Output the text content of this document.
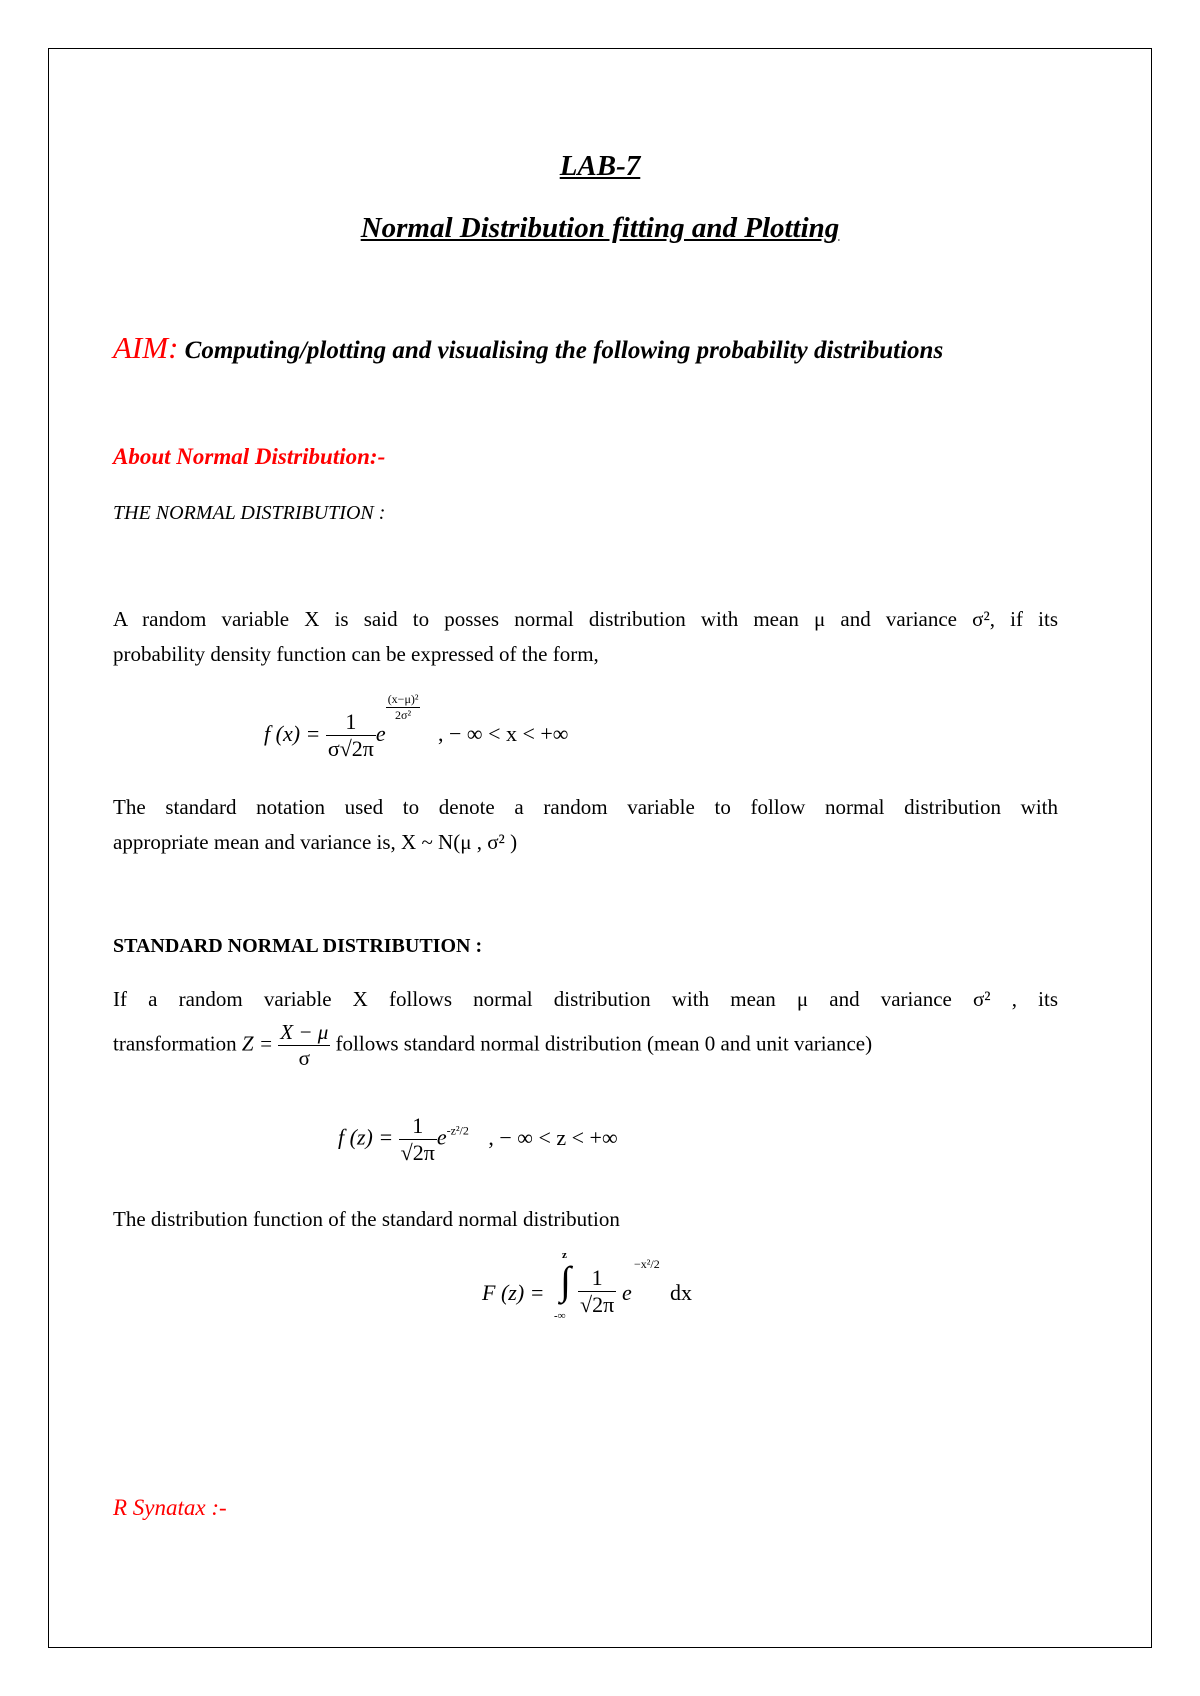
LAB-7
Normal Distribution fitting and Plotting
AIM: Computing/plotting and visualising the following probability distributions
About Normal Distribution:-
THE NORMAL DISTRIBUTION :
A random variable X is said to posses normal distribution with mean μ and variance σ², if its
probability density function can be expressed of the form,
f $(x) = \frac{1}{\sigma√2\pi}$ e
$\frac{\text{(x−μ)²}}{\text{2σ²}}$
, − ∞ < x < +∞
The standard notation used to denote a random variable to follow normal distribution with
appropriate mean and variance is, X ~ N(μ , σ² )
STANDARD NORMAL DISTRIBUTION :
If a random variable X follows normal distribution with mean μ and variance σ² , its
transformation $Z = \frac{X - \mu}{\sigma}$ follows standard normal distribution (mean 0 and unit variance)
f $(z) = \frac{1}{√2\pi} e^{-z^2/2}$ , − ∞ < z < +∞
The distribution function of the standard normal distribution
F (z) =
z
∫
-∞ $\frac{1}{√2\pi}$ e
−x²/2
dx
R Synatax :-
